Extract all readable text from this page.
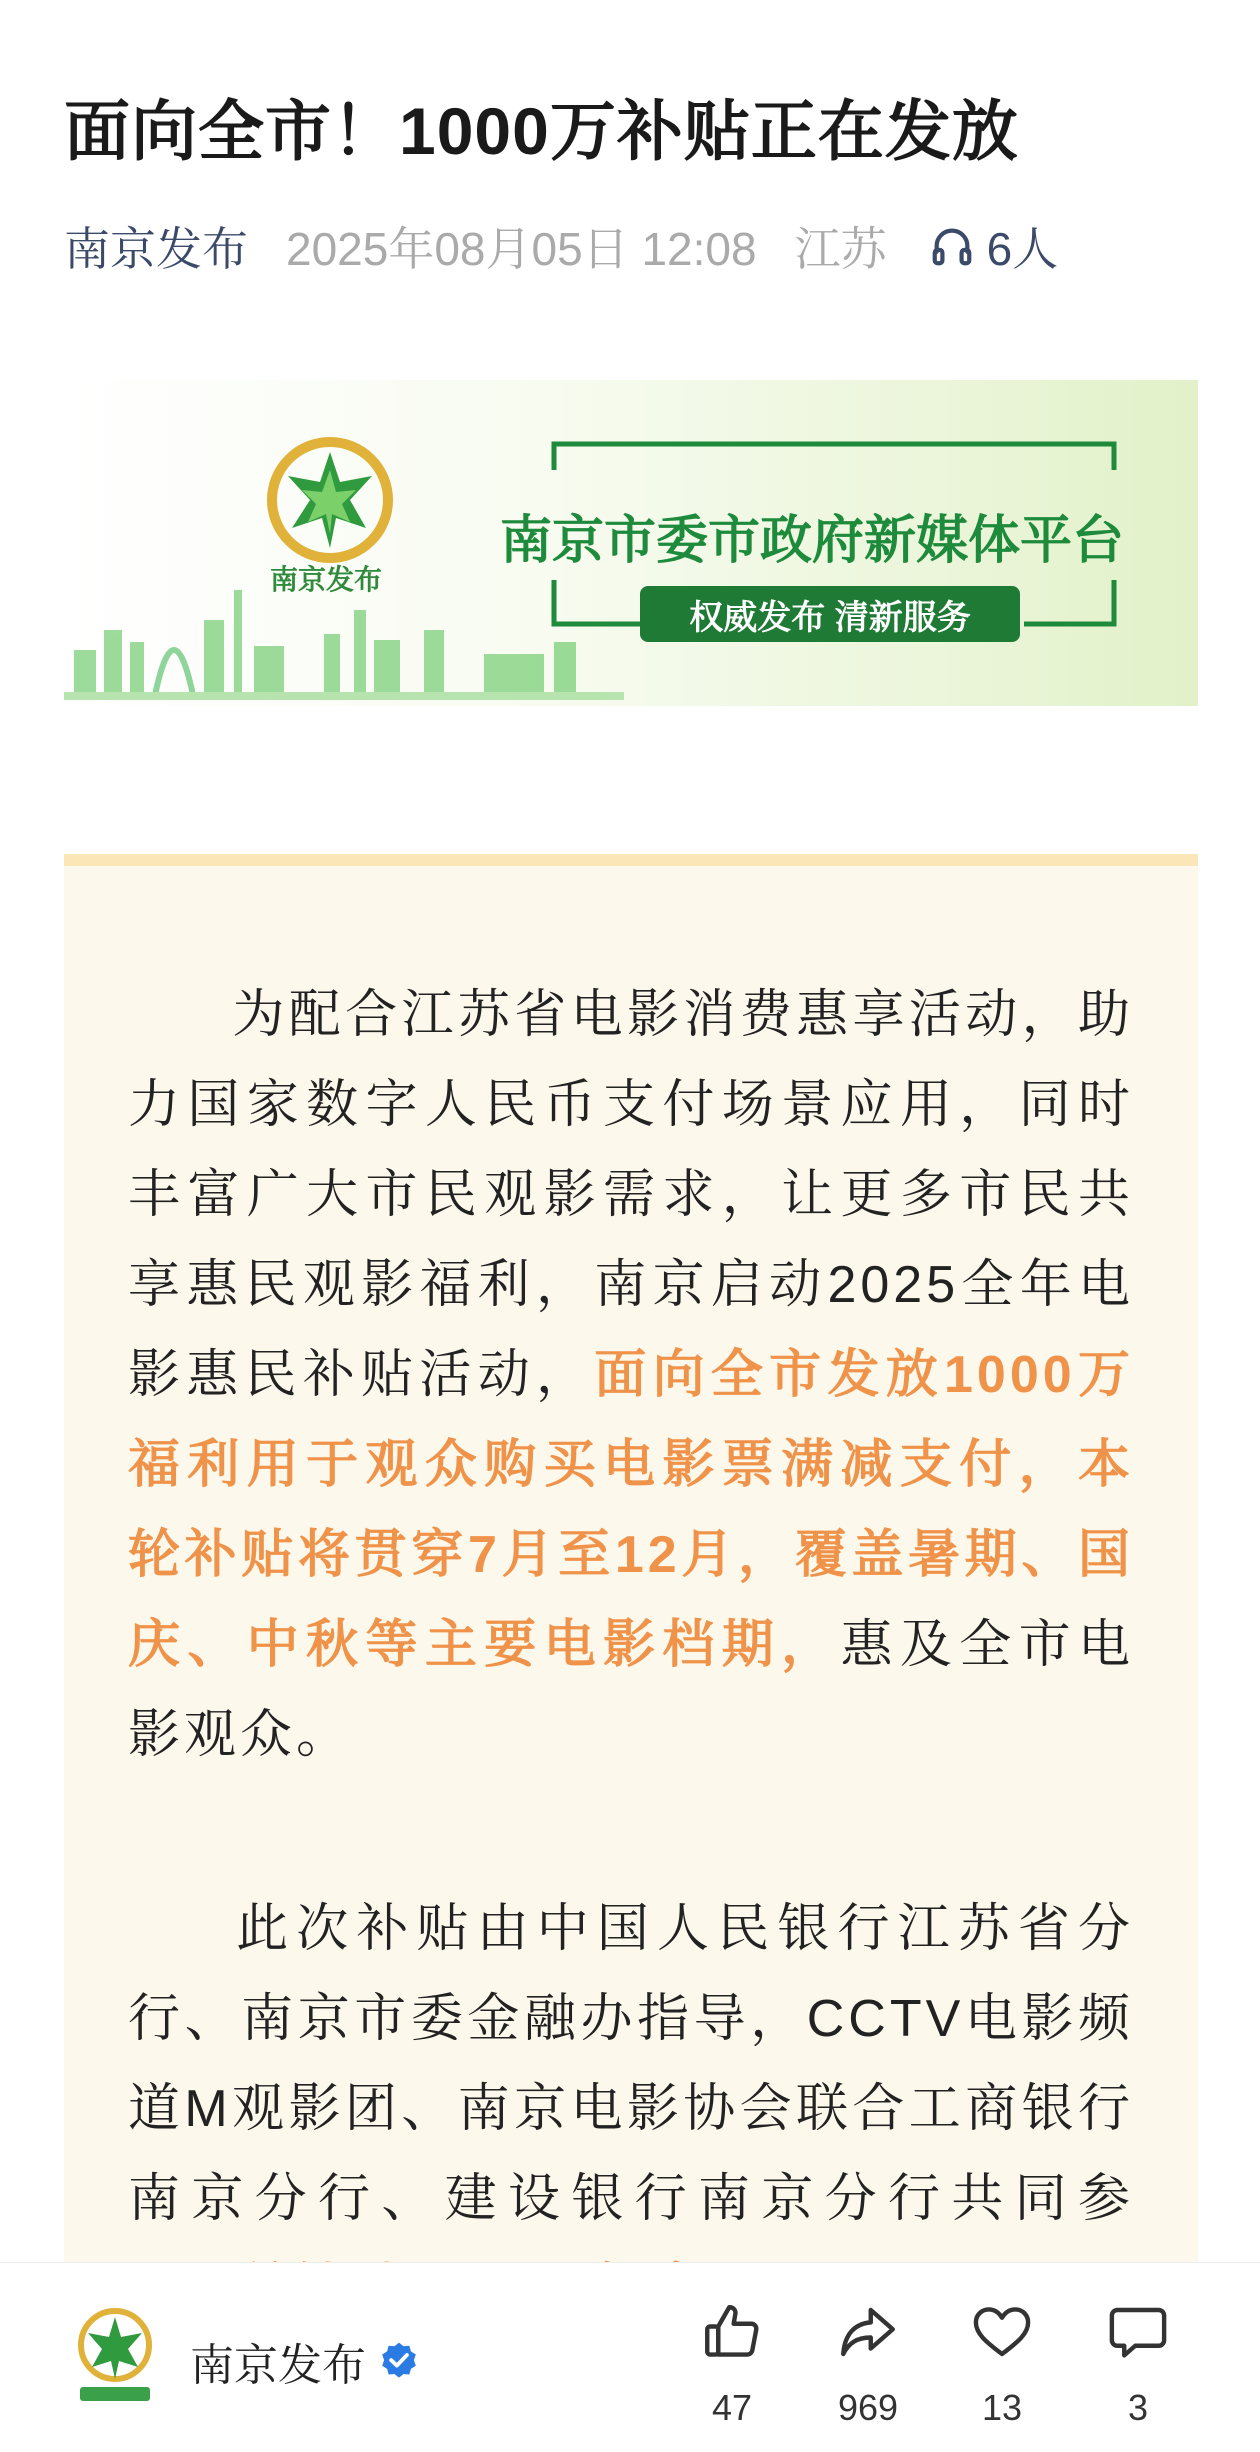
面向全市！1000万补贴正在发放
南京发布 2025年08月05日 12:08 江苏 6人
南京发布
南京市委市政府新媒体平台
权威发布 清新服务
为配合江苏省电影消费惠享活动，助力国家数字人民币支付场景应用，同时丰富广大市民观影需求，让更多市民共享惠民观影福利，南京启动2025全年电影惠民补贴活动，面向全市发放1000万福利用于观众购买电影票满减支付，本轮补贴将贯穿7月至12月，覆盖暑期、国庆、中秋等主要电影档期，惠及全市电影观众。
此次补贴由中国人民银行江苏省分行、南京市委金融办指导，CCTV电影频道M观影团、南京电影协会联合工商银行南京分行、建设银行南京分行共同参
南京发布
47	969	13	3
